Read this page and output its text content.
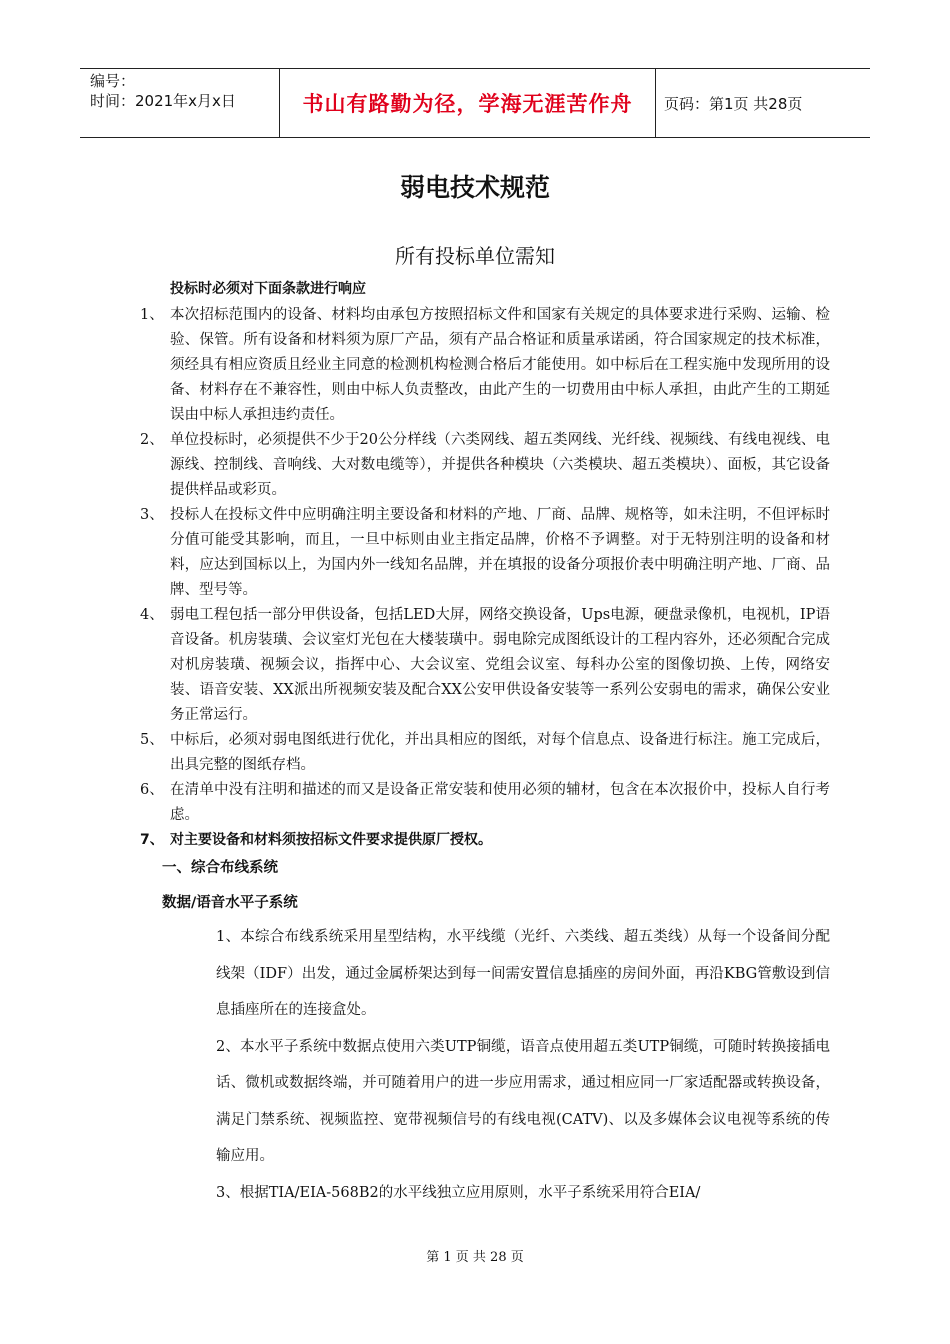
编号：
时间：2021年x月x日	书山有路勤为径，学海无涯苦作舟	页码：第1页 共28页
弱电技术规范
所有投标单位需知
投标时必须对下面条款进行响应
1、 本次招标范围内的设备、材料均由承包方按照招标文件和国家有关规定的具体要求进行采购、运输、检验、保管。所有设备和材料须为原厂产品，须有产品合格证和质量承诺函，符合国家规定的技术标准，须经具有相应资质且经业主同意的检测机构检测合格后才能使用。如中标后在工程实施中发现所用的设备、材料存在不兼容性，则由中标人负责整改，由此产生的一切费用由中标人承担，由此产生的工期延误由中标人承担违约责任。
2、 单位投标时，必须提供不少于20公分样线（六类网线、超五类网线、光纤线、视频线、有线电视线、电源线、控制线、音响线、大对数电缆等），并提供各种模块（六类模块、超五类模块）、面板，其它设备提供样品或彩页。
3、 投标人在投标文件中应明确注明主要设备和材料的产地、厂商、品牌、规格等，如未注明，不但评标时分值可能受其影响，而且，一旦中标则由业主指定品牌，价格不予调整。对于无特别注明的设备和材料，应达到国标以上，为国内外一线知名品牌，并在填报的设备分项报价表中明确注明产地、厂商、品牌、型号等。
4、 弱电工程包括一部分甲供设备，包括LED大屏，网络交换设备，Ups电源，硬盘录像机，电视机，IP语音设备。机房装璜、会议室灯光包在大楼装璜中。弱电除完成图纸设计的工程内容外，还必须配合完成对机房装璜、视频会议，指挥中心、大会议室、党组会议室、每科办公室的图像切换、上传，网络安装、语音安装、XX派出所视频安装及配合XX公安甲供设备安装等一系列公安弱电的需求，确保公安业务正常运行。
5、 中标后，必须对弱电图纸进行优化，并出具相应的图纸，对每个信息点、设备进行标注。施工完成后，出具完整的图纸存档。
6、 在清单中没有注明和描述的而又是设备正常安装和使用必须的辅材，包含在本次报价中，投标人自行考虑。
7、 对主要设备和材料须按招标文件要求提供原厂授权。
一、综合布线系统
数据/语音水平子系统

1、本综合布线系统采用星型结构，水平线缆（光纤、六类线、超五类线）从每一个设备间分配线架（IDF）出发，通过金属桥架达到每一间需安置信息插座的房间外面，再沿KBG管敷设到信息插座所在的连接盒处。

2、本水平子系统中数据点使用六类UTP铜缆，语音点使用超五类UTP铜缆，可随时转换接插电话、微机或数据终端，并可随着用户的进一步应用需求，通过相应同一厂家适配器或转换设备，满足门禁系统、视频监控、宽带视频信号的有线电视(CATV)、以及多媒体会议电视等系统的传输应用。

3、根据TIA/EIA-568B2的水平线独立应用原则，水平子系统采用符合EIA/

第 1 页 共 28 页
